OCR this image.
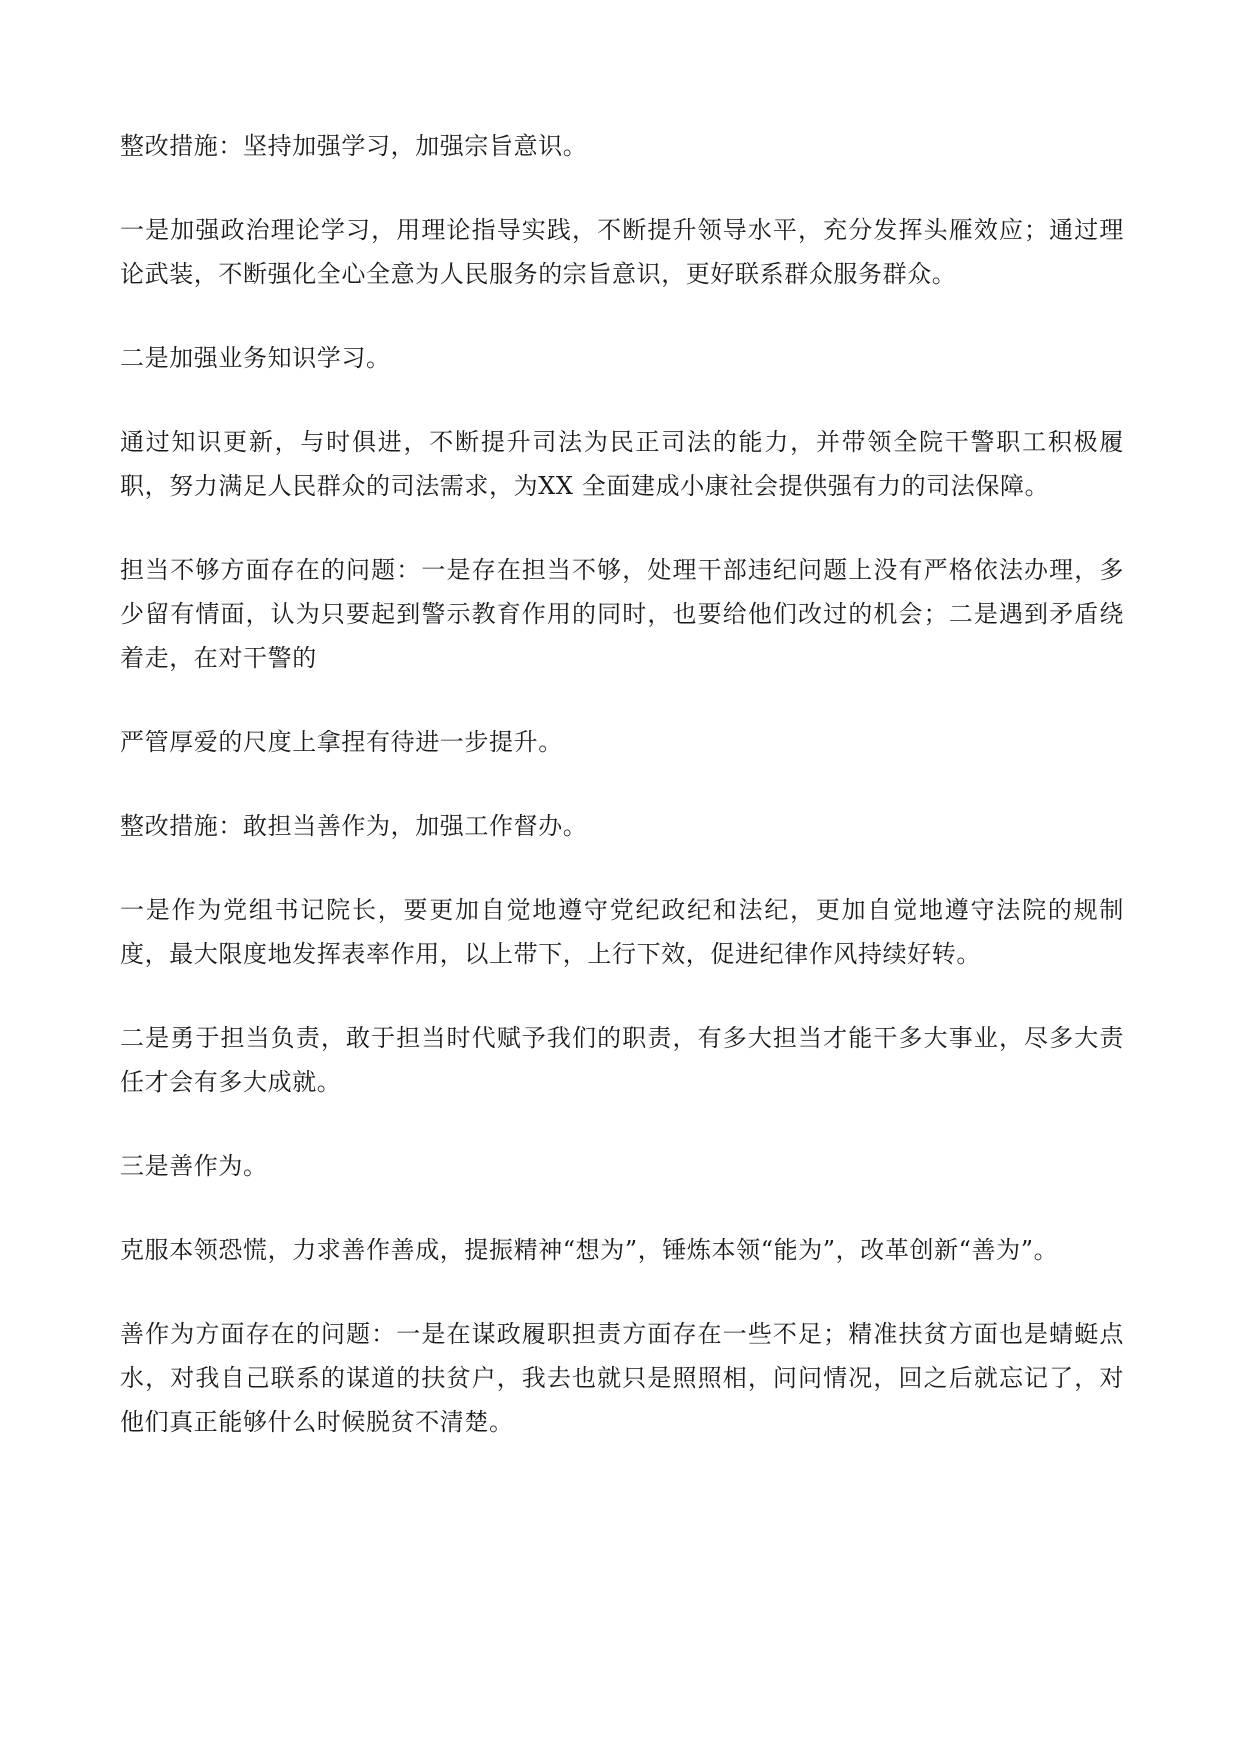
整改措施：坚持加强学习，加强宗旨意识。

一是加强政治理论学习，用理论指导实践，不断提升领导水平，充分发挥头雁效应；通过理论武装，不断强化全心全意为人民服务的宗旨意识，更好联系群众服务群众。

二是加强业务知识学习。

通过知识更新，与时俱进，不断提升司法为民正司法的能力，并带领全院干警职工积极履职，努力满足人民群众的司法需求，为XX 全面建成小康社会提供强有力的司法保障。

担当不够方面存在的问题：一是存在担当不够，处理干部违纪问题上没有严格依法办理，多少留有情面，认为只要起到警示教育作用的同时，也要给他们改过的机会；二是遇到矛盾绕着走，在对干警的

严管厚爱的尺度上拿捏有待进一步提升。

整改措施：敢担当善作为，加强工作督办。

一是作为党组书记院长，要更加自觉地遵守党纪政纪和法纪，更加自觉地遵守法院的规制度，最大限度地发挥表率作用，以上带下，上行下效，促进纪律作风持续好转。

二是勇于担当负责，敢于担当时代赋予我们的职责，有多大担当才能干多大事业，尽多大责任才会有多大成就。

三是善作为。

克服本领恐慌，力求善作善成，提振精神“想为”，锤炼本领“能为”，改革创新“善为”。

善作为方面存在的问题：一是在谋政履职担责方面存在一些不足；精准扶贫方面也是蜻蜓点水，对我自己联系的谋道的扶贫户，我去也就只是照照相，问问情况，回之后就忘记了，对他们真正能够什么时候脱贫不清楚。
